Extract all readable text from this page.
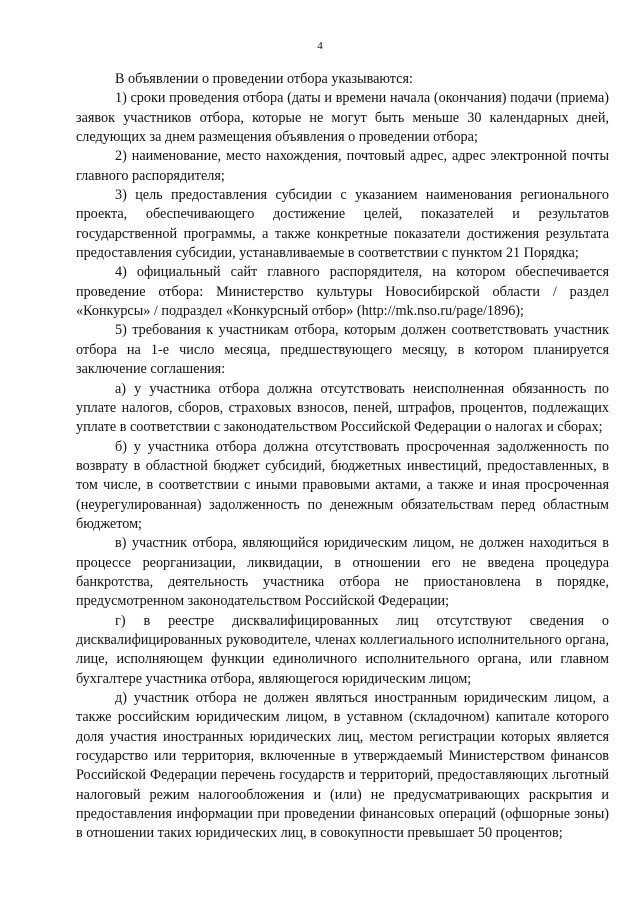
4

В объявлении о проведении отбора указываются:

1) сроки проведения отбора (даты и времени начала (окончания) подачи (приема) заявок участников отбора, которые не могут быть меньше 30 календарных дней, следующих за днем размещения объявления о проведении отбора;

2) наименование, место нахождения, почтовый адрес, адрес электронной почты главного распорядителя;

3) цель предоставления субсидии с указанием наименования регионального проекта, обеспечивающего достижение целей, показателей и результатов государственной программы, а также конкретные показатели достижения результата предоставления субсидии, устанавливаемые в соответствии с пунктом 21 Порядка;

4) официальный сайт главного распорядителя, на котором обеспечивается проведение отбора: Министерство культуры Новосибирской области / раздел «Конкурсы» / подраздел «Конкурсный отбор» (http://mk.nso.ru/page/1896);

5) требования к участникам отбора, которым должен соответствовать участник отбора на 1-е число месяца, предшествующего месяцу, в котором планируется заключение соглашения:

а) у участника отбора должна отсутствовать неисполненная обязанность по уплате налогов, сборов, страховых взносов, пеней, штрафов, процентов, подлежащих уплате в соответствии с законодательством Российской Федерации о налогах и сборах;

б) у участника отбора должна отсутствовать просроченная задолженность по возврату в областной бюджет субсидий, бюджетных инвестиций, предоставленных, в том числе, в соответствии с иными правовыми актами, а также и иная просроченная (неурегулированная) задолженность по денежным обязательствам перед областным бюджетом;

в) участник отбора, являющийся юридическим лицом, не должен находиться в процессе реорганизации, ликвидации, в отношении его не введена процедура банкротства, деятельность участника отбора не приостановлена в порядке, предусмотренном законодательством Российской Федерации;

г) в реестре дисквалифицированных лиц отсутствуют сведения о дисквалифицированных руководителе, членах коллегиального исполнительного органа, лице, исполняющем функции единоличного исполнительного органа, или главном бухгалтере участника отбора, являющегося юридическим лицом;

д) участник отбора не должен являться иностранным юридическим лицом, а также российским юридическим лицом, в уставном (складочном) капитале которого доля участия иностранных юридических лиц, местом регистрации которых является государство или территория, включенные в утверждаемый Министерством финансов Российской Федерации перечень государств и территорий, предоставляющих льготный налоговый режим налогообложения и (или) не предусматривающих раскрытия и предоставления информации при проведении финансовых операций (офшорные зоны) в отношении таких юридических лиц, в совокупности превышает 50 процентов;
